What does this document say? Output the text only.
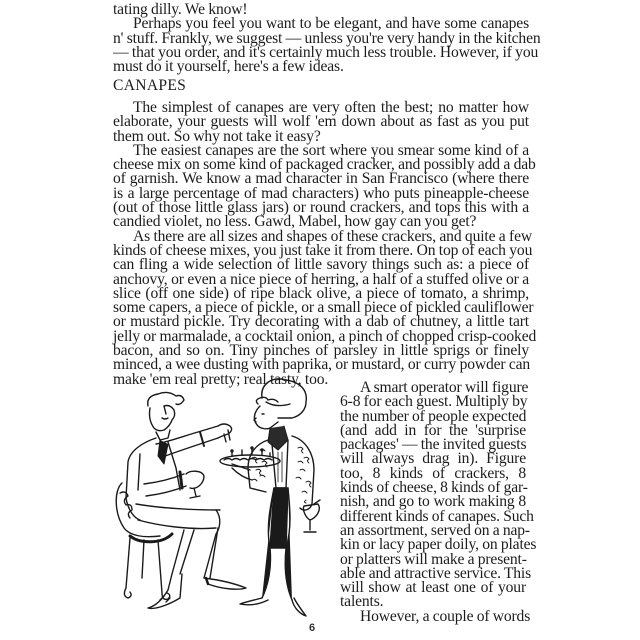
tating dilly. We know!
Perhaps you feel you want to be elegant, and have some canapes
n' stuff. Frankly, we suggest — unless you're very handy in the kitchen
— that you order, and it's certainly much less trouble. However, if you
must do it yourself, here's a few ideas.
CANAPES
The simplest of canapes are very often the best; no matter how
elaborate, your guests will wolf 'em down about as fast as you put
them out. So why not take it easy?
The easiest canapes are the sort where you smear some kind of a
cheese mix on some kind of packaged cracker, and possibly add a dab
of garnish. We know a mad character in San Francisco (where there
is a large percentage of mad characters) who puts pineapple-cheese
(out of those little glass jars) or round crackers, and tops this with a
candied violet, no less. Gawd, Mabel, how gay can you get?
As there are all sizes and shapes of these crackers, and quite a few
kinds of cheese mixes, you just take it from there. On top of each you
can fling a wide selection of little savory things such as: a piece of
anchovy, or even a nice piece of herring, a half of a stuffed olive or a
slice (off one side) of ripe black olive, a piece of tomato, a shrimp,
some capers, a piece of pickle, or a small piece of pickled cauliflower
or mustard pickle. Try decorating with a dab of chutney, a little tart
jelly or marmalade, a cocktail onion, a pinch of chopped crisp-cooked
bacon, and so on. Tiny pinches of parsley in little sprigs or finely
minced, a wee dusting with paprika, or mustard, or curry powder can
make 'em real pretty; real tasty, too.	A smart operator will figure
6-8 for each guest. Multiply by
the number of people expected
(and add in for the 'surprise
packages' — the invited guests
will always drag in). Figure
too, 8 kinds of crackers, 8
kinds of cheese, 8 kinds of gar-
nish, and go to work making 8
different kinds of canapes. Such
an assortment, served on a nap-
kin or lacy paper doily, on plates
or platters will make a present-
able and attractive service. This
will show at least one of your
talents.
However, a couple of words
6
